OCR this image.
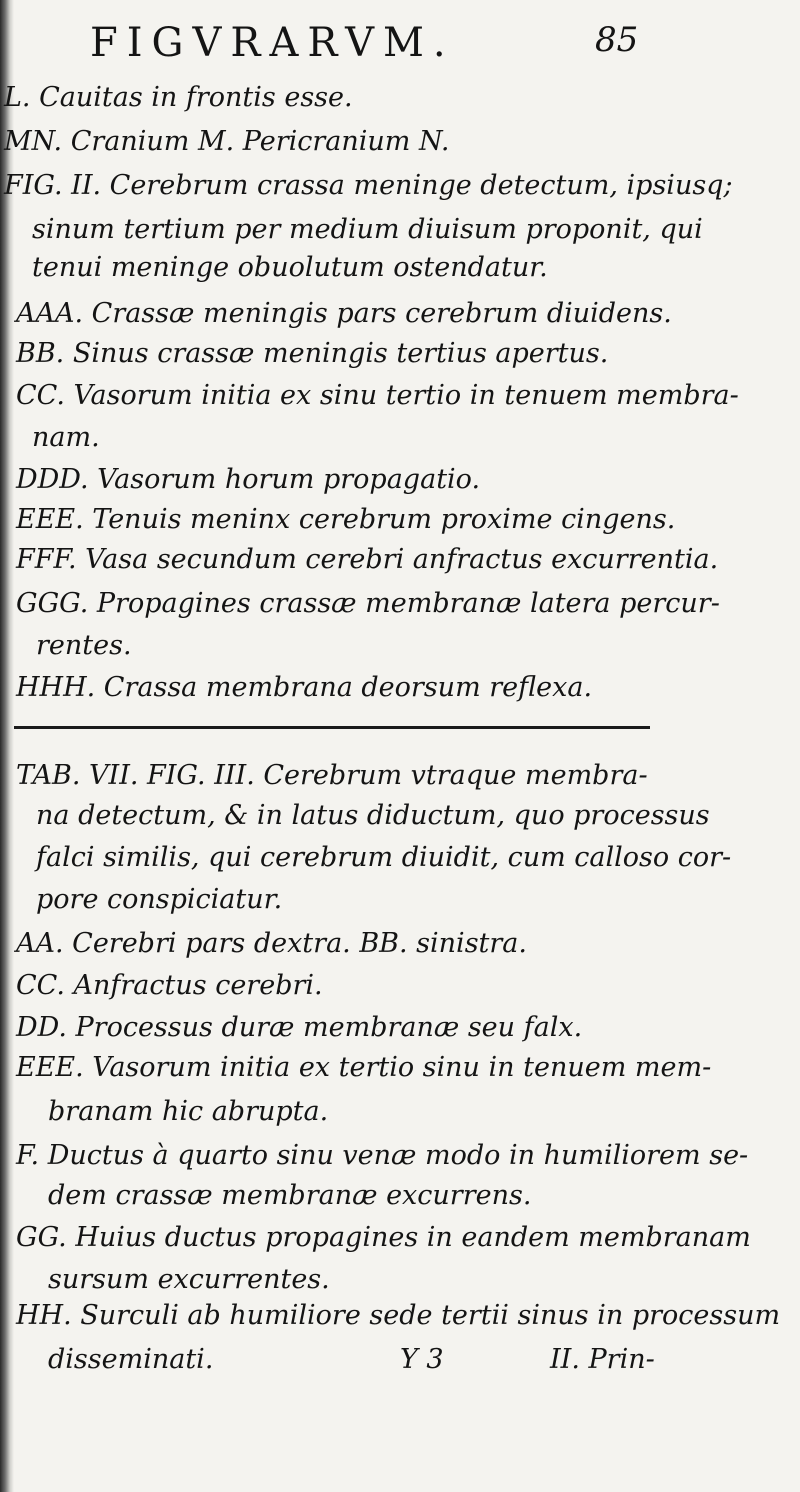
FIGVRARVM.	85
L. Cauitas in frontis esse.
MN. Cranium M. Pericranium N.
FIG. II. Cerebrum crassa meninge detectum, ipsiusq;
sinum tertium per medium diuisum proponit, qui
tenui meninge obuolutum ostendatur.
AAA. Crassæ meningis pars cerebrum diuidens.
BB. Sinus crassæ meningis tertius apertus.
CC. Vasorum initia ex sinu tertio in tenuem membra-
nam.
DDD. Vasorum horum propagatio.
EEE. Tenuis meninx cerebrum proxime cingens.
FFF. Vasa secundum cerebri anfractus excurrentia.
GGG. Propagines crassæ membranæ latera percur-
rentes.
HHH. Crassa membrana deorsum reflexa.
TAB. VII. FIG. III. Cerebrum vtraque membra-
na detectum, & in latus diductum, quo processus
falci similis, qui cerebrum diuidit, cum calloso cor-
pore conspiciatur.
AA. Cerebri pars dextra. BB. sinistra.
CC. Anfractus cerebri.
DD. Processus duræ membranæ seu falx.
EEE. Vasorum initia ex tertio sinu in tenuem mem-
branam hic abrupta.
F. Ductus à quarto sinu venæ modo in humiliorem se-
dem crassæ membranæ excurrens.
GG. Huius ductus propagines in eandem membranam
sursum excurrentes.
HH. Surculi ab humiliore sede tertii sinus in processum
disseminati.	Y 3	II. Prin-
